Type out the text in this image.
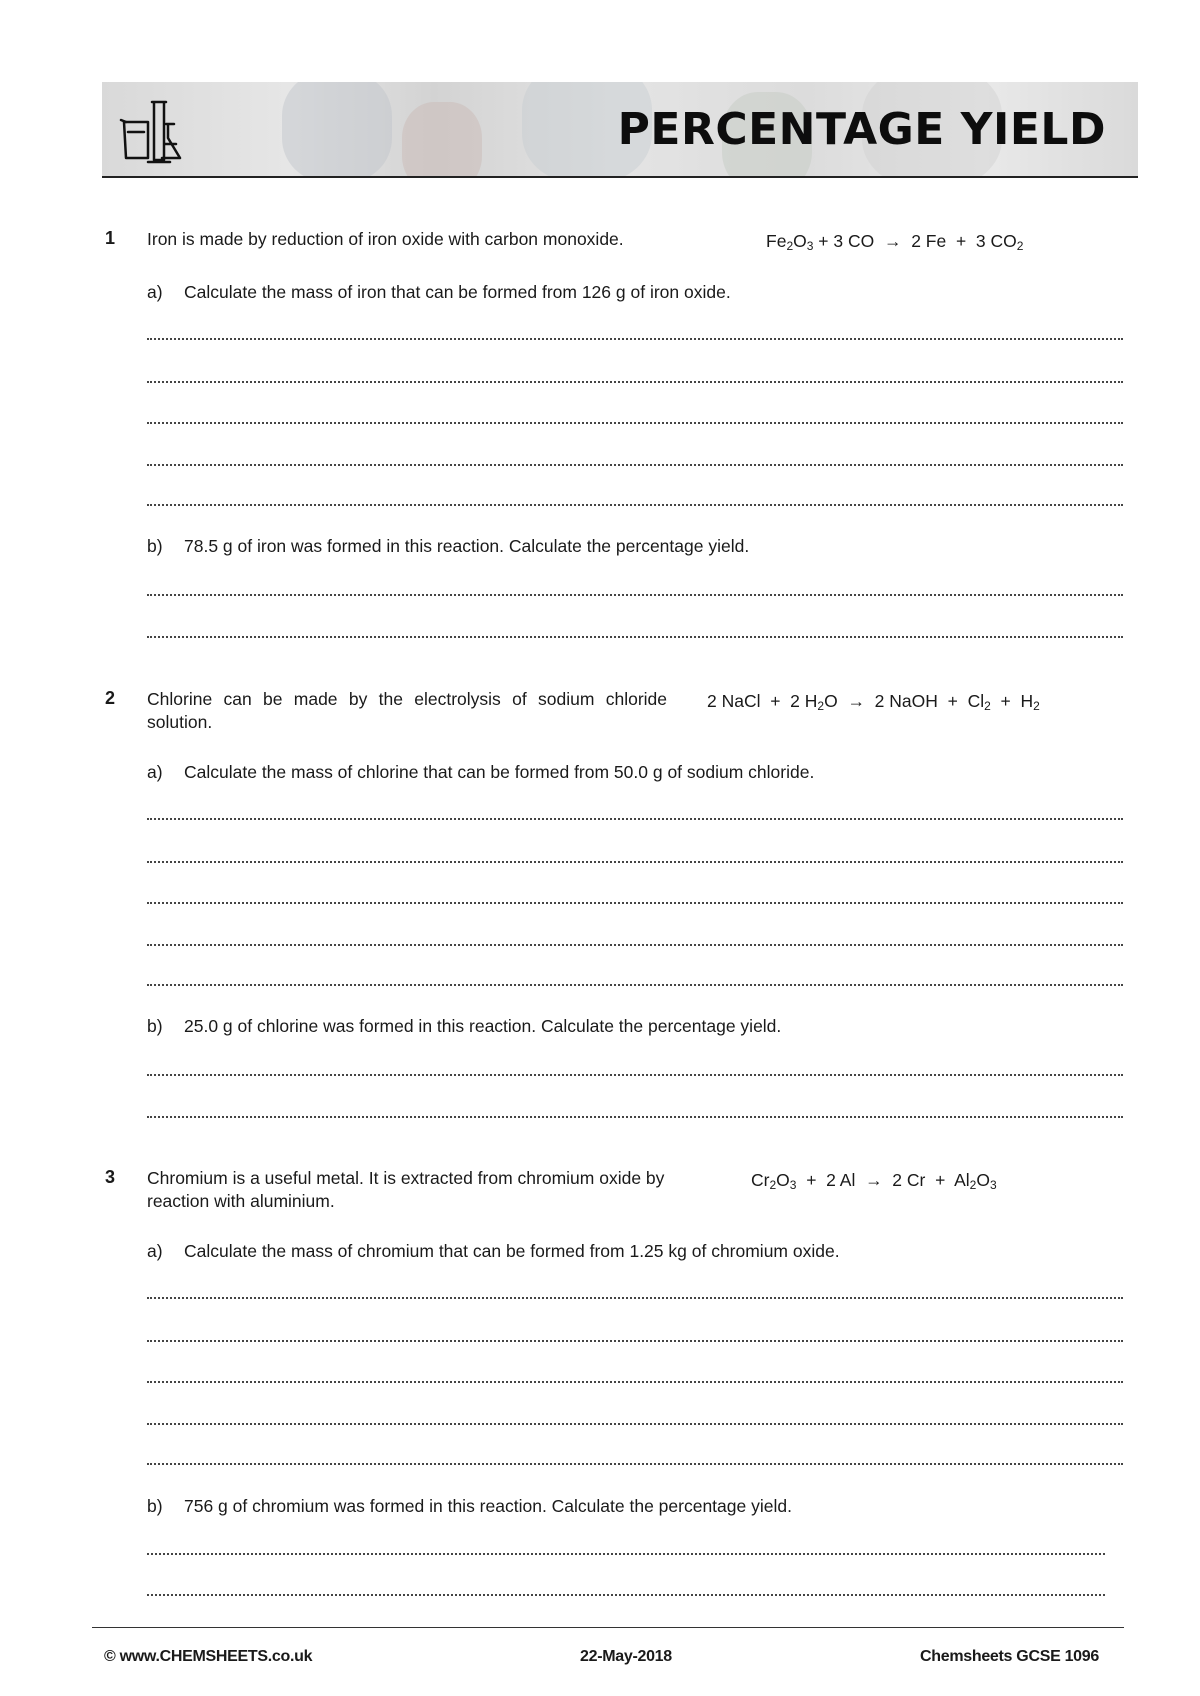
PERCENTAGE YIELD
1 Iron is made by reduction of iron oxide with carbon monoxide.	$Fe_2O_3 + 3$ CO  →  2 Fe  +  3 $CO_2$
a) Calculate the mass of iron that can be formed from 126 g of iron oxide.
b) 78.5 g of iron was formed in this reaction. Calculate the percentage yield.
2 Chlorine can be made by the electrolysis of sodium chloride solution.
2 NaCl  +  2 $H_2O \to 2$ NaOH  +  $Cl_2 + H_2$
a) Calculate the mass of chlorine that can be formed from 50.0 g of sodium chloride.
b) 25.0 g of chlorine was formed in this reaction. Calculate the percentage yield.
3 Chromium is a useful metal. It is extracted from chromium oxide by reaction with aluminium.
$Cr_2O_3 + 2$ Al  →  2 $Cr + Al_2O_3$
a) Calculate the mass of chromium that can be formed from 1.25 kg of chromium oxide.
b) 756 g of chromium was formed in this reaction. Calculate the percentage yield.
© www.CHEMSHEETS.co.uk	22-May-2018	Chemsheets GCSE 1096
